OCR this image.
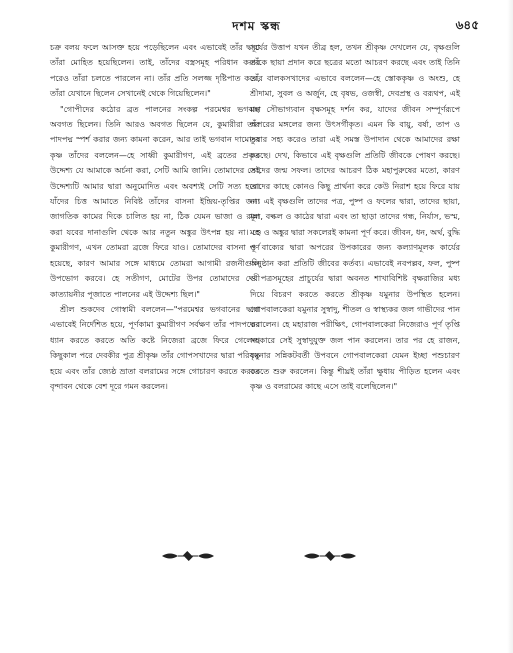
দশম স্কন্ধ	৬৪৫

চক্র বলয় ফলে আসক্ত হয়ে পড়েছিলেন এবং এভাবেই তাঁর দ্বারা তাঁরা মোহিত হয়েছিলেন। তাই, তাঁদের বস্ত্রসমূহ পরিধান করার পরেও তাঁরা চলতে পারলেন না। তাঁর প্রতি সলজ্জ দৃষ্টিপাত করে, তাঁরা যেখানে ছিলেন সেখানেই থেকে গিয়েছিলেন।"

"গোপীদের কঠোর ব্রত পালনের সংকল্প পরমেশ্বর ভগবান অবগত ছিলেন। তিনি আরও অবগত ছিলেন যে, কুমারীরা তাঁর পাদপদ্ম স্পর্শ করার জন্য কামনা করেন, আর তাই ভগবান দামোদর কৃষ্ণ তাঁদের বললেন—হে সাধ্বী কুমারীগণ, এই ব্রতের প্রকৃত উদ্দেশ্য যে আমাকে অর্চনা করা, সেটি আমি জানি। তোমাদের সেই উদ্দেশ্যটি আমার দ্বারা অনুমোদিত এবং অবশ্যই সেটি সত্য হবে। যাঁদের চিত্ত আমাতে নিবিষ্ট তাঁদের বাসনা ইন্দ্রিয়-তৃপ্তির জন্য জাগতিক কামের দিকে চালিত হয় না, ঠিক যেমন ভাজা ও রান্না করা যবের দানাগুলি থেকে আর নতুন অঙ্কুর উৎপন্ন হয় না। হে কুমারীগণ, এখন তোমরা ব্রজে ফিরে যাও। তোমাদের বাসনা পূর্ণ হয়েছে, কারণ আমার সঙ্গে মাধ্যমে তোমরা আগামী রজনীগুলি উপভোগ করবে। হে সতীগণ, মোটের উপর তোমাদের দেবী কাত্যায়নীর পূজাতে পালনের এই উদ্দেশ্য ছিল।"

শ্রীল শুকদেব গোস্বামী বললেন—"পরমেশ্বর ভগবানের দ্বারা এভাবেই নির্দেশিত হয়ে, পূর্ণকামা কুমারীগণ সর্বক্ষণ তাঁর পাদপদ্মের ধ্যান করতে করতে অতি কষ্টে নিজেরা ব্রজে ফিরে গেলেন। কিছুকাল পরে দেবকীর পুত্র শ্রীকৃষ্ণ তাঁর গোপসখাদের দ্বারা পরিবৃত হয়ে এবং তাঁর জ্যেষ্ঠ ভ্রাতা বলরামের সঙ্গে গোচারণ করতে করতে বৃন্দাবন থেকে বেশ দূরে গমন করলেন।

সূর্যের উত্তাপ যখন তীব্র হল, তখন শ্রীকৃষ্ণ দেখলেন যে, বৃক্ষগুলি তাঁকে ছায়া প্রদান করে ছত্রের মতো আচরণ করছে এবং তাই তিনি তাঁর বালকসখাদের এভাবে বললেন—হে স্তোককৃষ্ণ ও অংশু, হে শ্রীদামা, সুবল ও অর্জুন, হে বৃষভ, ওজস্বী, দেবপ্রস্থ ও বরূথপ, এই মহা সৌভাগ্যবান বৃক্ষসমূহ দর্শন কর, যাদের জীবন সম্পূর্ণরূপে অপরের মঙ্গলের জন্য উৎসর্গীকৃত। এমন কি বায়ু, বর্ষা, তাপ ও তুষার সহ্য করেও তারা এই সমস্ত উপাদান থেকে আমাদের রক্ষা করছে। দেখ, কিভাবে এই বৃক্ষগুলি প্রতিটি জীবকে পোষণ করছে। তাদের জন্ম সফল। তাদের আচরণ ঠিক মহাপুরুষের মতো, কারণ তাদের কাছে কোনও কিছু প্রার্থনা করে কেউ নিরাশ হয়ে ফিরে যায় না। এই বৃক্ষগুলি তাদের পত্র, পুষ্প ও ফলের দ্বারা, তাদের ছায়া, মূল, বল্কল ও কাঠের দ্বারা এবং তা ছাড়া তাদের গন্ধ, নির্যাস, ভস্ম, মণ্ড ও অঙ্কুর দ্বারা সকলেরই কামনা পূর্ণ করে। জীবন, ধন, অর্থ, বুদ্ধি ও বাক্যের দ্বারা অপরের উপকারের জন্য কল্যাণমূলক কার্যের অনুষ্ঠান করা প্রতিটি জীবের কর্তব্য। এভাবেই নবপল্লব, ফল, পুষ্প ও পত্রসমূহের প্রাচুর্যের দ্বারা অবনত শাখাবিশিষ্ট বৃক্ষরাজির মধ্য দিয়ে বিচরণ করতে করতে শ্রীকৃষ্ণ যমুনার উপস্থিত হলেন। গোপবালকেরা যমুনার সুস্বাদু, শীতল ও স্বাস্থ্যকর জল গাভীদের পান করালেন। হে মহারাজ পরীক্ষিৎ, গোপবালকেরা নিজেরাও পূর্ণ তৃপ্তি সহকারে সেই সুস্বাদুযুক্ত জল পান করলেন। তার পর হে রাজন, যমুনার সন্নিকটবর্তী উপবনে গোপবালকেরা যেমন ইচ্ছা পশুচারণ করতে শুরু করলেন। কিন্তু শীঘ্রই তাঁরা ক্ষুধায় পীড়িত হলেন এবং কৃষ্ণ ও বলরামের কাছে এসে তাই বলেছিলেন।"
